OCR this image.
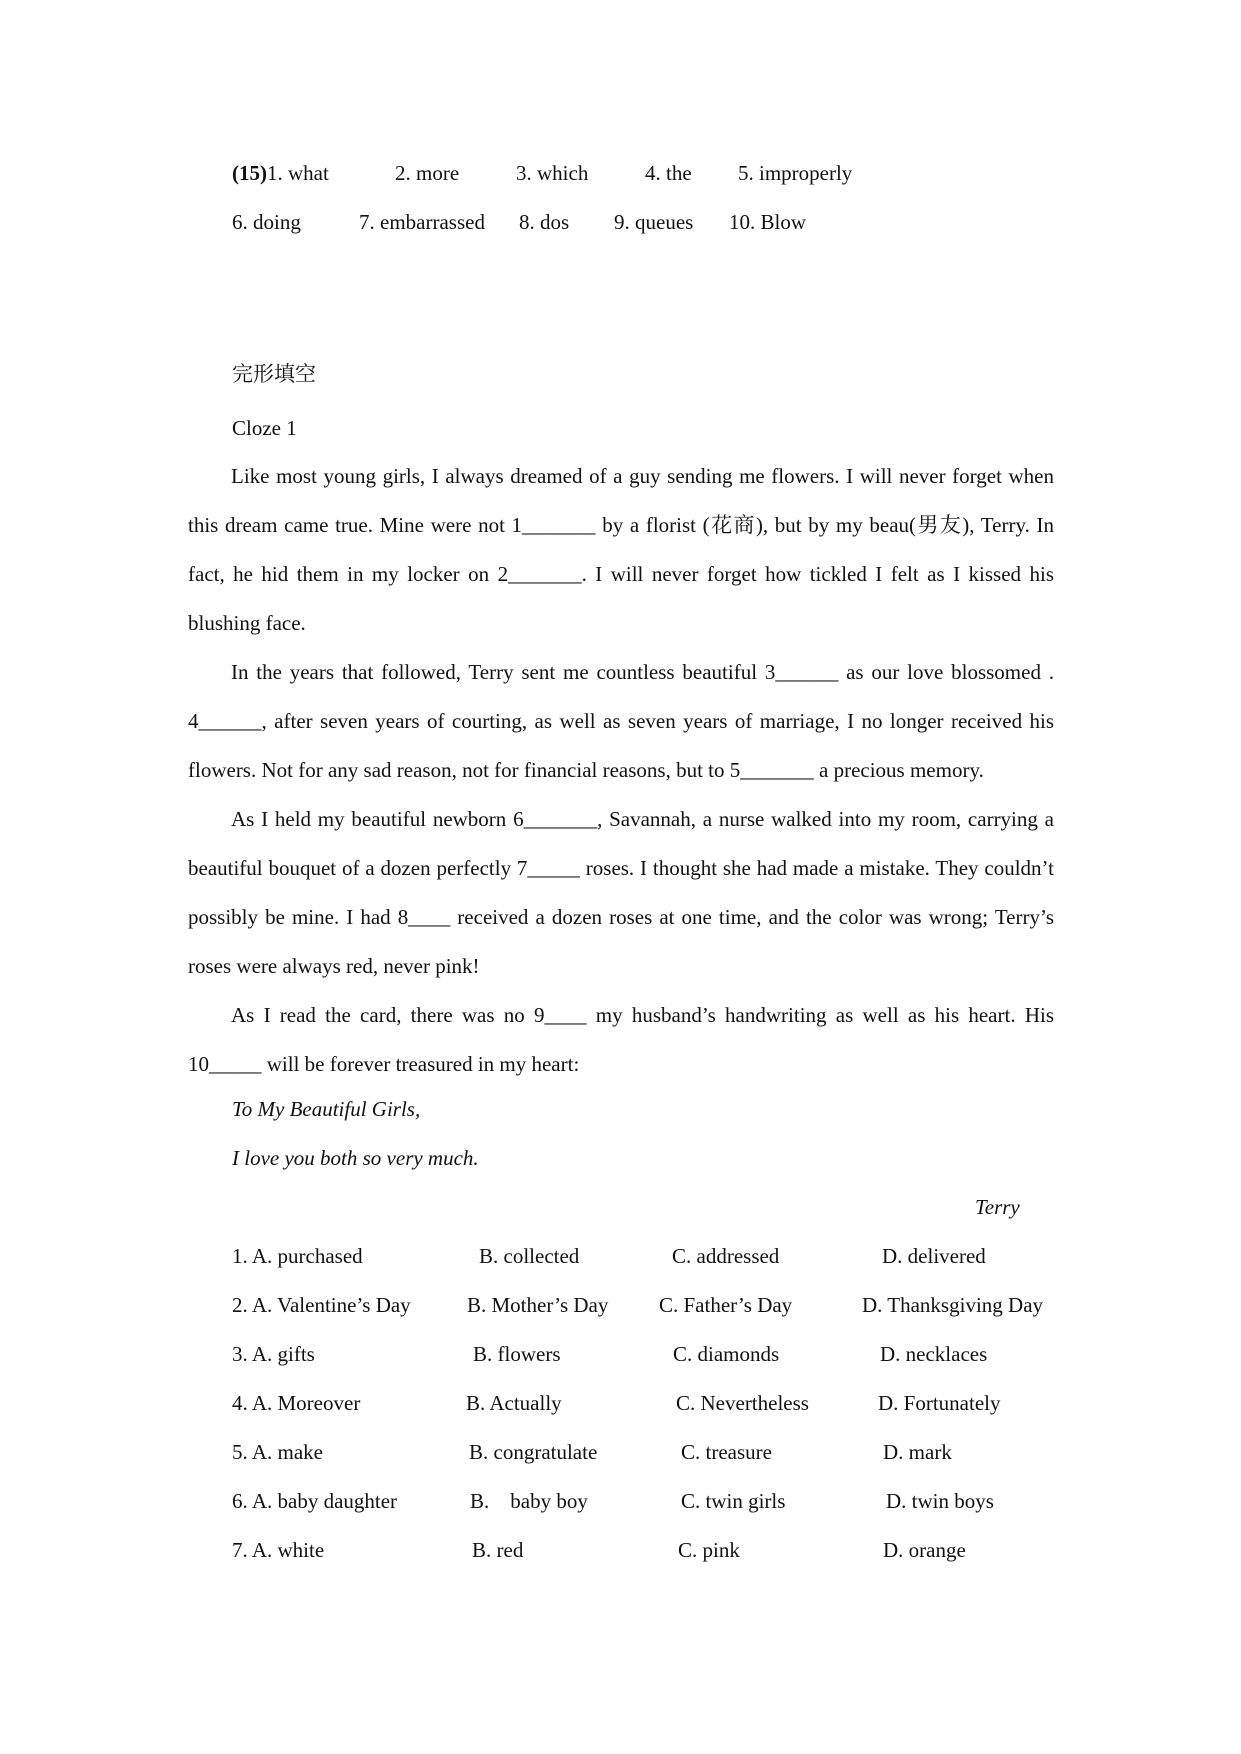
(15)1. what	2. more	3. which	4. the 5. improperly
6. doing	7. embarrassed 8. dos 9. queues 10. Blow
完形填空
Cloze 1

Like most young girls, I always dreamed of a guy sending me flowers. I will never forget when this dream came true. Mine were not 1_______ by a florist (花商), but by my beau(男友), Terry. In fact, he hid them in my locker on 2_______. I will never forget how tickled I felt as I kissed his blushing face.

In the years that followed, Terry sent me countless beautiful 3______ as our love blossomed . 4______, after seven years of courting, as well as seven years of marriage, I no longer received his flowers. Not for any sad reason, not for financial reasons, but to 5_______ a precious memory.

As I held my beautiful newborn 6_______, Savannah, a nurse walked into my room, carrying a beautiful bouquet of a dozen perfectly 7_____ roses. I thought she had made a mistake. They couldn’t possibly be mine. I had 8____ received a dozen roses at one time, and the color was wrong; Terry’s roses were always red, never pink!

As I read the card, there was no 9____ my husband’s handwriting as well as his heart. His 10_____ will be forever treasured in my heart:

To My Beautiful Girls,
I love you both so very much.
Terry
1. A. purchased	B. collected	C. addressed	D. delivered
2. A. Valentine’s Day	B. Mother’s Day C. Father’s Day	D. Thanksgiving Day
3. A. gifts	B. flowers	C. diamonds	D. necklaces
4. A. Moreover	B. Actually	C. Nevertheless	D. Fortunately
5. A. make	B. congratulate	C. treasure	D. mark
6. A. baby daughter	B.    baby boy	C. twin girls	D. twin boys
7. A. white	B. red	C. pink	D. orange
